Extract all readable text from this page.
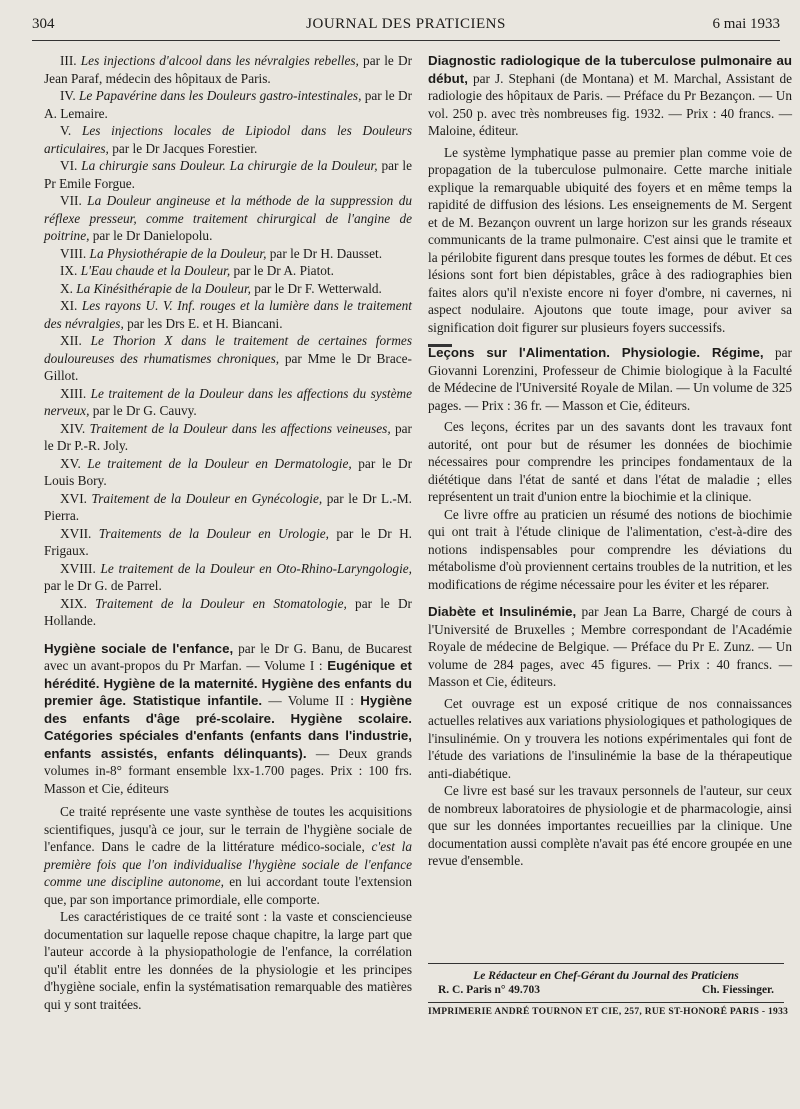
304	JOURNAL DES PRATICIENS	6 mai 1933

III. Les injections d'alcool dans les névralgies rebelles, par le Dr Jean Paraf, médecin des hôpitaux de Paris.

IV. Le Papavérine dans les Douleurs gastro-intestinales, par le Dr A. Lemaire.

V. Les injections locales de Lipiodol dans les Douleurs articulaires, par le Dr Jacques Forestier.

VI. La chirurgie sans Douleur. La chirurgie de la Douleur, par le Pr Emile Forgue.

VII. La Douleur angineuse et la méthode de la suppression du réflexe presseur, comme traitement chirurgical de l'angine de poitrine, par le Dr Danielopolu.

VIII. La Physiothérapie de la Douleur, par le Dr H. Dausset.

IX. L'Eau chaude et la Douleur, par le Dr A. Piatot.

X. La Kinésithérapie de la Douleur, par le Dr F. Wetterwald.

XI. Les rayons U. V. Inf. rouges et la lumière dans le traitement des névralgies, par les Drs E. et H. Biancani.

XII. Le Thorion X dans le traitement de certaines formes douloureuses des rhumatismes chroniques, par Mme le Dr Brace-Gillot.

XIII. Le traitement de la Douleur dans les affections du système nerveux, par le Dr G. Cauvy.

XIV. Traitement de la Douleur dans les affections veineuses, par le Dr P.-R. Joly.

XV. Le traitement de la Douleur en Dermatologie, par le Dr Louis Bory.

XVI. Traitement de la Douleur en Gynécologie, par le Dr L.-M. Pierra.

XVII. Traitements de la Douleur en Urologie, par le Dr H. Frigaux.

XVIII. Le traitement de la Douleur en Oto-Rhino-Laryngologie, par le Dr G. de Parrel.

XIX. Traitement de la Douleur en Stomatologie, par le Dr Hollande.

Hygiène sociale de l'enfance, par le Dr G. Banu, de Bucarest avec un avant-propos du Pr Marfan. — Volume I : Eugénique et hérédité. Hygiène de la maternité. Hygiène des enfants du premier âge. Statistique infantile. — Volume II : Hygiène des enfants d'âge pré-scolaire. Hygiène scolaire. Catégories spéciales d'enfants (enfants dans l'industrie, enfants assistés, enfants délinquants). — Deux grands volumes in-8° formant ensemble lxx-1.700 pages. Prix : 100 frs. Masson et Cie, éditeurs

Ce traité représente une vaste synthèse de toutes les acquisitions scientifiques, jusqu'à ce jour, sur le terrain de l'hygiène sociale de l'enfance. Dans le cadre de la littérature médico-sociale, c'est la première fois que l'on individualise l'hygiène sociale de l'enfance comme une discipline autonome, en lui accordant toute l'extension que, par son importance primordiale, elle comporte.

Les caractéristiques de ce traité sont : la vaste et consciencieuse documentation sur laquelle repose chaque chapitre, la large part que l'auteur accorde à la physiopathologie de l'enfance, la corrélation qu'il établit entre les données de la physiologie et les principes d'hygiène sociale, enfin la systématisation remarquable des matières qui y sont traitées.

Diagnostic radiologique de la tuberculose pulmonaire au début, par J. Stephani (de Montana) et M. Marchal, Assistant de radiologie des hôpitaux de Paris. — Préface du Pr Bezançon. — Un vol. 250 p. avec très nombreuses fig. 1932. — Prix : 40 francs. — Maloine, éditeur.

Le système lymphatique passe au premier plan comme voie de propagation de la tuberculose pulmonaire. Cette marche initiale explique la remarquable ubiquité des foyers et en même temps la rapidité de diffusion des lésions. Les enseignements de M. Sergent et de M. Bezançon ouvrent un large horizon sur les grands réseaux communicants de la trame pulmonaire. C'est ainsi que le tramite et la périlobite figurent dans presque toutes les formes de début. Et ces lésions sont fort bien dépistables, grâce à des radiographies bien faites alors qu'il n'existe encore ni foyer d'ombre, ni cavernes, ni aspect nodulaire. Ajoutons que toute image, pour aviver sa signification doit figurer sur plusieurs foyers successifs.

Leçons sur l'Alimentation. Physiologie. Régime, par Giovanni Lorenzini, Professeur de Chimie biologique à la Faculté de Médecine de l'Université Royale de Milan. — Un volume de 325 pages. — Prix : 36 fr. — Masson et Cie, éditeurs.

Ces leçons, écrites par un des savants dont les travaux font autorité, ont pour but de résumer les données de biochimie nécessaires pour comprendre les principes fondamentaux de la diététique dans l'état de santé et dans l'état de maladie ; elles représentent un trait d'union entre la biochimie et la clinique.

Ce livre offre au praticien un résumé des notions de biochimie qui ont trait à l'étude clinique de l'alimentation, c'est-à-dire des notions indispensables pour comprendre les déviations du métabolisme d'où proviennent certains troubles de la nutrition, et les modifications de régime nécessaire pour les éviter et les réparer.

Diabète et Insulinémie, par Jean La Barre, Chargé de cours à l'Université de Bruxelles ; Membre correspondant de l'Académie Royale de médecine de Belgique. — Préface du Pr E. Zunz. — Un volume de 284 pages, avec 45 figures. — Prix : 40 francs. — Masson et Cie, éditeurs.

Cet ouvrage est un exposé critique de nos connaissances actuelles relatives aux variations physiologiques et pathologiques de l'insulinémie. On y trouvera les notions expérimentales qui font de l'étude des variations de l'insulinémie la base de la thérapeutique anti-diabétique.

Ce livre est basé sur les travaux personnels de l'auteur, sur ceux de nombreux laboratoires de physiologie et de pharmacologie, ainsi que sur les données importantes recueillies par la clinique. Une documentation aussi complète n'avait pas été encore groupée en une revue d'ensemble.

Le Rédacteur en Chef-Gérant du Journal des Praticiens
R. C. Paris n° 49.703	Ch. Fiessinger.
IMPRIMERIE ANDRÉ TOURNON ET CIE, 257, RUE ST-HONORÉ PARIS - 1933
